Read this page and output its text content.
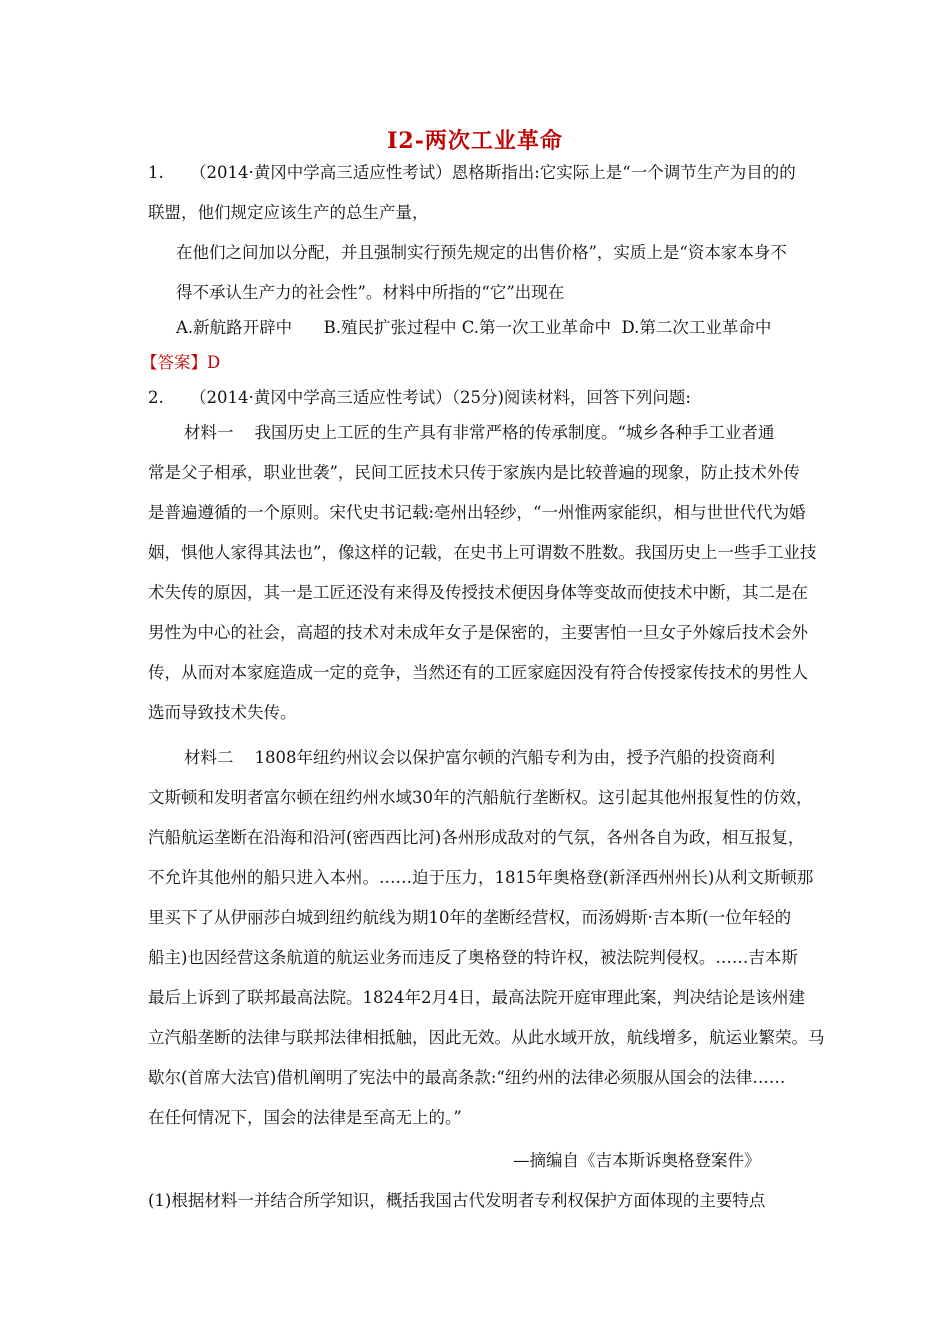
I2-两次工业革命
1.     （2014·黄冈中学高三适应性考试）恩格斯指出:它实际上是“一个调节生产为目的的
联盟，他们规定应该生产的总生产量，
在他们之间加以分配，并且强制实行预先规定的出售价格”，实质上是“资本家本身不
得不承认生产力的社会性”。材料中所指的“它”出现在
A.新航路开辟中      B.殖民扩张过程中 C.第一次工业革命中  D.第二次工业革命中
【答案】D
2.     （2014·黄冈中学高三适应性考试）（25分)阅读材料，回答下列问题:
材料一    我国历史上工匠的生产具有非常严格的传承制度。“城乡各种手工业者通
常是父子相承，职业世袭”，民间工匠技术只传于家族内是比较普遍的现象，防止技术外传
是普遍遵循的一个原则。宋代史书记载:亳州出轻纱，“一州惟两家能织，相与世世代代为婚
姻，惧他人家得其法也”，像这样的记载，在史书上可谓数不胜数。我国历史上一些手工业技
术失传的原因，其一是工匠还没有来得及传授技术便因身体等变故而使技术中断，其二是在
男性为中心的社会，高超的技术对未成年女子是保密的，主要害怕一旦女子外嫁后技术会外
传，从而对本家庭造成一定的竞争，当然还有的工匠家庭因没有符合传授家传技术的男性人
选而导致技术失传。
材料二    1808年纽约州议会以保护富尔顿的汽船专利为由，授予汽船的投资商利
文斯顿和发明者富尔顿在纽约州水域30年的汽船航行垄断权。这引起其他州报复性的仿效，
汽船航运垄断在沿海和沿河(密西西比河)各州形成敌对的气氛，各州各自为政，相互报复，
不允许其他州的船只进入本州。……迫于压力，1815年奥格登(新泽西州州长)从利文斯顿那
里买下了从伊丽莎白城到纽约航线为期10年的垄断经营权，而汤姆斯·吉本斯(一位年轻的
船主)也因经营这条航道的航运业务而违反了奥格登的特许权，被法院判侵权。……吉本斯
最后上诉到了联邦最高法院。1824年2月4日，最高法院开庭审理此案，判决结论是该州建
立汽船垄断的法律与联邦法律相抵触，因此无效。从此水域开放，航线增多，航运业繁荣。马
歇尔(首席大法官)借机阐明了宪法中的最高条款:“纽约州的法律必须服从国会的法律……
在任何情况下，国会的法律是至高无上的。”
—摘编自《吉本斯诉奥格登案件》
(1)根据材料一并结合所学知识，概括我国古代发明者专利权保护方面体现的主要特点
